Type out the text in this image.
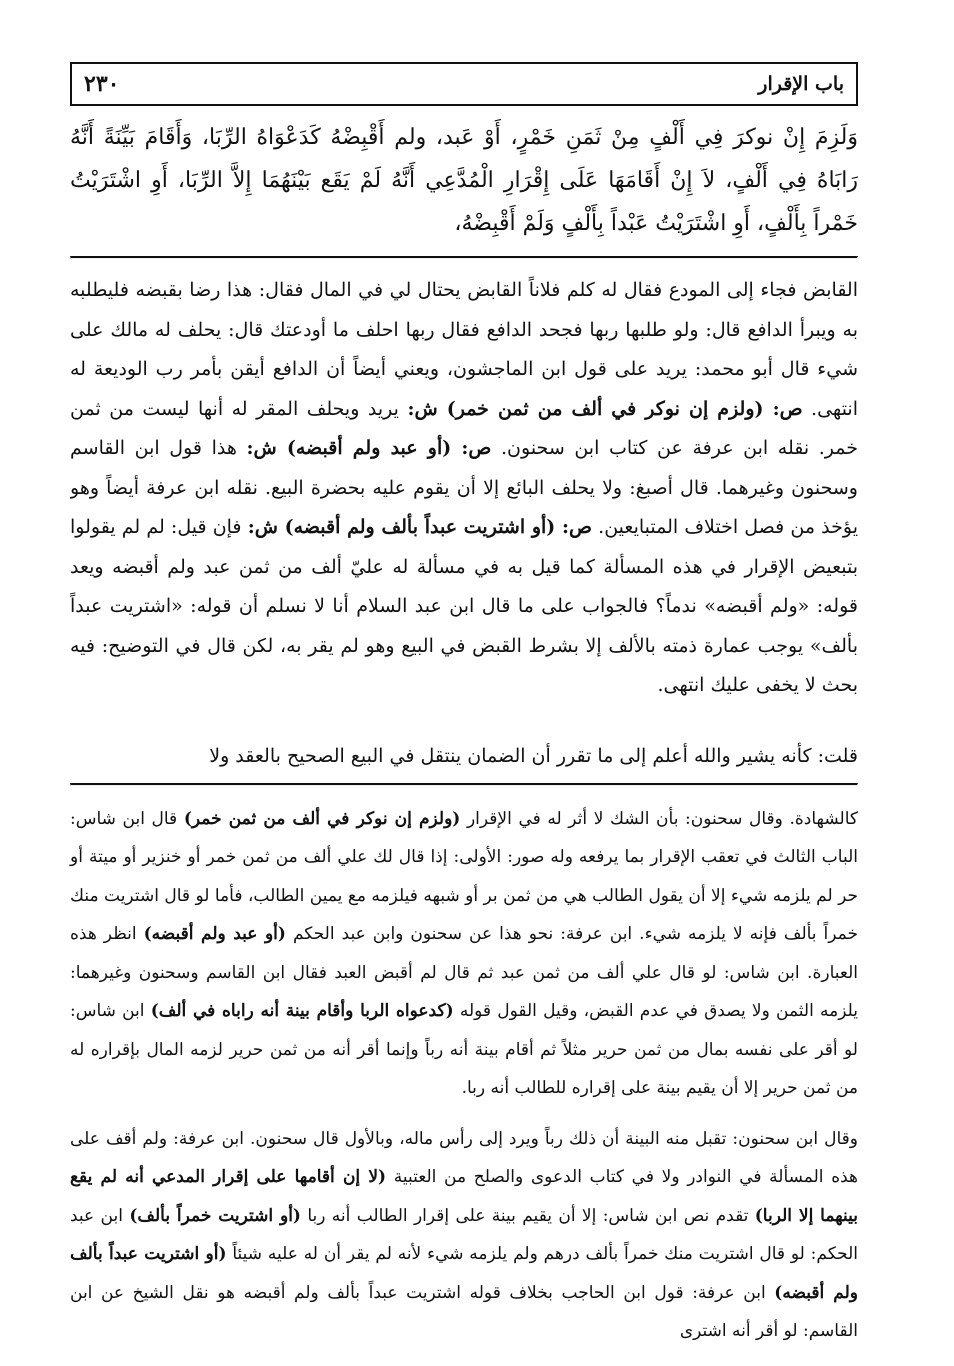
٢٣٠	باب الإقرار
وَلَزِمَ إِنْ نوكرَ فِي أَلْفٍ مِنْ ثَمَنِ خَمْرٍ، أَوْ عَبد، ولم أَقْبِضْهُ كَدَعْوَاهُ الرِّبَا، وَأَقَامَ بَيِّنَةً أَنَّهُ رَابَاهُ فِي أَلْفٍ، لاَ إِنْ أَقَامَهَا عَلَى إِقْرَارِ الْمُدَّعِي أَنَّهُ لَمْ يَقَع بَيْنَهُمَا إِلاَّ الرِّبَا، أَوِ اشْتَرَيْتُ خَمْراً بِأَلْفٍ، أَوِ اشْتَرَيْتُ عَبْداً بِأَلْفٍ وَلَمْ أَقْبِضْهُ،

القابض فجاء إلى المودع فقال له كلم فلاناً القابض يحتال لي في المال فقال: هذا رضا بقبضه فليطلبه به ويبرأ الدافع قال: ولو طلبها ربها فجحد الدافع فقال ربها احلف ما أودعتك قال: يحلف له مالك على شيء قال أبو محمد: يريد على قول ابن الماجشون، ويعني أيضاً أن الدافع أيقن بأمر رب الوديعة له انتهى. ص: (ولزم إن نوكر في ألف من ثمن خمر) ش: يريد ويحلف المقر له أنها ليست من ثمن خمر. نقله ابن عرفة عن كتاب ابن سحنون. ص: (أو عبد ولم أقبضه) ش: هذا قول ابن القاسم وسحنون وغيرهما. قال أصبغ: ولا يحلف البائع إلا أن يقوم عليه بحضرة البيع. نقله ابن عرفة أيضاً وهو يؤخذ من فصل اختلاف المتبايعين. ص: (أو اشتريت عبداً بألف ولم أقبضه) ش: فإن قيل: لم لم يقولوا بتبعيض الإقرار في هذه المسألة كما قيل به في مسألة له عليّ ألف من ثمن عبد ولم أقبضه ويعد قوله: «ولم أقبضه» ندماً؟ فالجواب على ما قال ابن عبد السلام أنا لا نسلم أن قوله: «اشتريت عبداً بألف» يوجب عمارة ذمته بالألف إلا بشرط القبض في البيع وهو لم يقر به، لكن قال في التوضيح: فيه بحث لا يخفى عليك انتهى.

قلت: كأنه يشير والله أعلم إلى ما تقرر أن الضمان ينتقل في البيع الصحيح بالعقد ولا

كالشهادة. وقال سحنون: بأن الشك لا أثر له في الإقرار (ولزم إن نوكر في ألف من ثمن خمر) قال ابن شاس: الباب الثالث في تعقب الإقرار بما يرفعه وله صور: الأولى: إذا قال لك علي ألف من ثمن خمر أو خنزير أو ميتة أو حر لم يلزمه شيء إلا أن يقول الطالب هي من ثمن بر أو شبهه فيلزمه مع يمين الطالب، فأما لو قال اشتريت منك خمراً بألف فإنه لا يلزمه شيء. ابن عرفة: نحو هذا عن سحنون وابن عبد الحكم (أو عبد ولم أقبضه) انظر هذه العبارة. ابن شاس: لو قال علي ألف من ثمن عبد ثم قال لم أقبض العبد فقال ابن القاسم وسحنون وغيرهما: يلزمه الثمن ولا يصدق في عدم القبض، وقيل القول قوله (كدعواه الربا وأقام بينة أنه راباه في ألف) ابن شاس: لو أقر على نفسه بمال من ثمن حرير مثلاً ثم أقام بينة أنه رباً وإنما أقر أنه من ثمن حرير لزمه المال بإقراره له من ثمن حرير إلا أن يقيم بينة على إقراره للطالب أنه ربا.

وقال ابن سحنون: تقبل منه البينة أن ذلك رباً ويرد إلى رأس ماله، وبالأول قال سحنون. ابن عرفة: ولم أقف على هذه المسألة في النوادر ولا في كتاب الدعوى والصلح من العتبية (لا إن أقامها على إقرار المدعي أنه لم يقع بينهما إلا الربا) تقدم نص ابن شاس: إلا أن يقيم بينة على إقرار الطالب أنه ربا (أو اشتريت خمراً بألف) ابن عبد الحكم: لو قال اشتريت منك خمراً بألف درهم ولم يلزمه شيء لأنه لم يقر أن له عليه شيئاً (أو اشتريت عبداً بألف ولم أقبضه) ابن عرفة: قول ابن الحاجب بخلاف قوله اشتريت عبداً بألف ولم أقبضه هو نقل الشيخ عن ابن القاسم: لو أقر أنه اشترى
